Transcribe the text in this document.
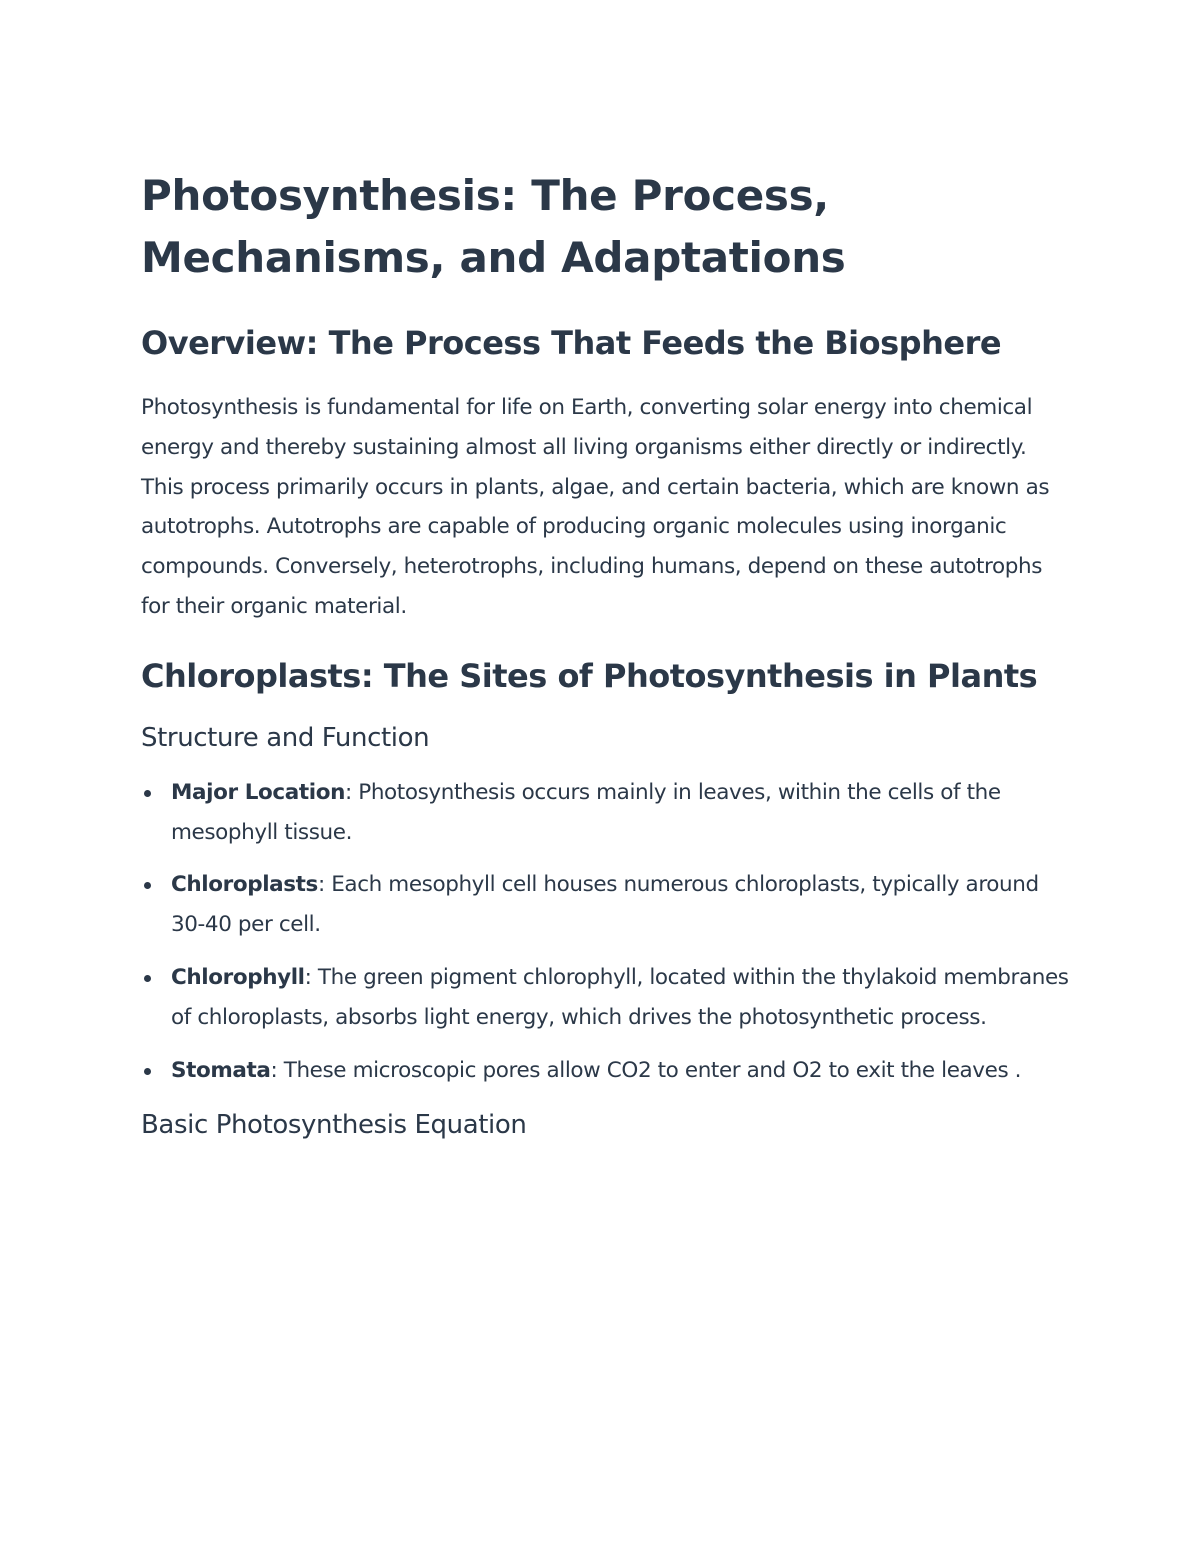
Photosynthesis: The Process, Mechanisms, and Adaptations
Overview: The Process That Feeds the Biosphere

Photosynthesis is fundamental for life on Earth, converting solar energy into chemical energy and thereby sustaining almost all living organisms either directly or indirectly. This process primarily occurs in plants, algae, and certain bacteria, which are known as autotrophs. Autotrophs are capable of producing organic molecules using inorganic compounds. Conversely, heterotrophs, including humans, depend on these autotrophs for their organic material.

Chloroplasts: The Sites of Photosynthesis in Plants
Structure and Function
Major Location: Photosynthesis occurs mainly in leaves, within the cells of the mesophyll tissue.
Chloroplasts: Each mesophyll cell houses numerous chloroplasts, typically around 30-40 per cell.
Chlorophyll: The green pigment chlorophyll, located within the thylakoid membranes of chloroplasts, absorbs light energy, which drives the photosynthetic process.
Stomata: These microscopic pores allow CO2 to enter and O2 to exit the leaves .
Basic Photosynthesis Equation
